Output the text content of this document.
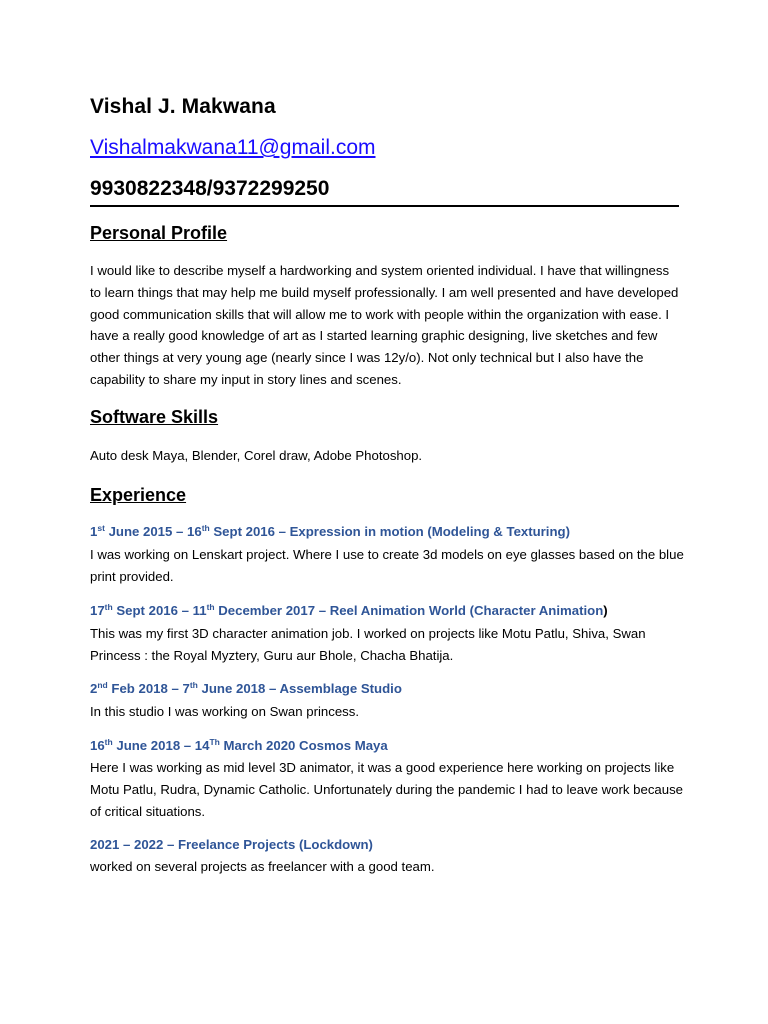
Vishal J. Makwana
Vishalmakwana11@gmail.com
9930822348/9372299250
Personal Profile
I would like to describe myself a hardworking and system oriented individual. I have that willingness to learn things that may help me build myself professionally. I am well presented and have developed good communication skills that will allow me to work with people within the organization with ease. I have a really good knowledge of art as I started learning graphic designing, live sketches and few other things at very young age (nearly since I was 12y/o). Not only technical but I also have the capability to share my input in story lines and scenes.
Software Skills
Auto desk Maya, Blender, Corel draw, Adobe Photoshop.
Experience
1st June 2015 – 16th Sept 2016 – Expression in motion (Modeling & Texturing)
I was working on Lenskart project. Where I use to create 3d models on eye glasses based on the blue print provided.
17th Sept 2016 – 11th December 2017 – Reel Animation World (Character Animation)
This was my first 3D character animation job. I worked on projects like Motu Patlu, Shiva, Swan Princess : the Royal Myztery, Guru aur Bhole, Chacha Bhatija.
2nd Feb 2018 – 7th June 2018 – Assemblage Studio
In this studio I was working on Swan princess.
16th June 2018 – 14Th March 2020 Cosmos Maya
Here I was working as mid level 3D animator, it was a good experience here working on projects like Motu Patlu, Rudra, Dynamic Catholic. Unfortunately during the pandemic I had to leave work because of critical situations.
2021 – 2022 – Freelance Projects (Lockdown)
worked on several projects as freelancer with a good team.
